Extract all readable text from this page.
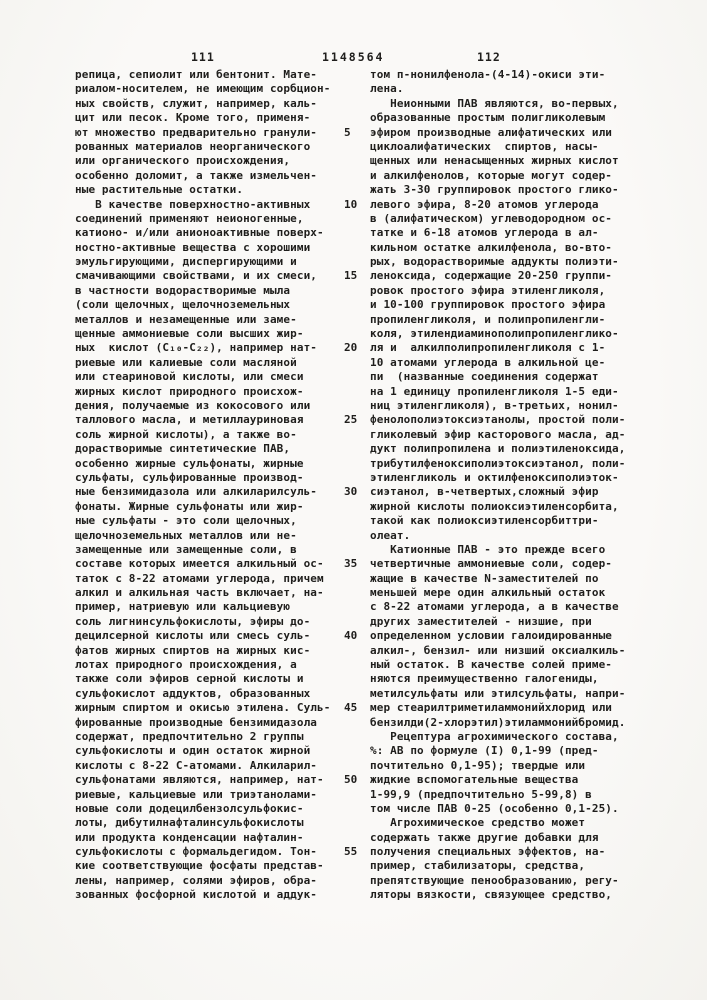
111	1148564	112
репица, сепиолит или бентонит. Мате-
риалом-носителем, не имеющим сорбцион-
ных свойств, служит, например, каль-
цит или песок. Кроме того, применя-
ют множество предварительно гранули-
рованных материалов неорганического
или органического происхождения,
особенно доломит, а также измельчен-
ные растительные остатки.
В качестве поверхностно-активных
соединений применяют неионогенные,
катионо- и/или анионоактивные поверх-
ностно-активные вещества с хорошими
эмульгирующими, диспергирующими и
смачивающими свойствами, и их смеси,
в частности водорастворимые мыла
(соли щелочных, щелочноземельных
металлов и незамещенные или заме-
щенные аммониевые соли высших жир-
ных  кислот (C₁₀-C₂₂), например нат-
риевые или калиевые соли масляной
или стеариновой кислоты, или смеси
жирных кислот природного происхож-
дения, получаемые из кокосового или
таллового масла, и метиллауриновая
соль жирной кислоты), а также во-
дорастворимые синтетические ПАВ,
особенно жирные сульфонаты, жирные
сульфаты, сульфированные производ-
ные бензимидазола или алкиларилсуль-
фонаты. Жирные сульфонаты или жир-
ные сульфаты - это соли щелочных,
щелочноземельных металлов или не-
замещенные или замещенные соли, в
составе которых имеется алкильный ос-
таток с 8-22 атомами углерода, причем
алкил и алкильная часть включает, на-
пример, натриевую или кальциевую
соль лигнинсульфокислоты, эфиры до-
децилсерной кислоты или смесь суль-
фатов жирных спиртов на жирных кис-
лотах природного происхождения, а
также соли эфиров серной кислоты и
сульфокислот аддуктов, образованных
жирным спиртом и окисью этилена. Суль-
фированные производные бензимидазола
содержат, предпочтительно 2 группы
сульфокислоты и один остаток жирной
кислоты с 8-22 С-атомами. Алкиларил-
сульфонатами являются, например, нат-
риевые, кальциевые или триэтанолами-
новые соли додецилбензолсульфокис-
лоты, дибутилнафталинсульфокислоты
или продукта конденсации нафталин-
сульфокислоты с формальдегидом. Тон-
кие соответствующие фосфаты представ-
лены, например, солями эфиров, обра-
зованных фосфорной кислотой и аддук-
5
10
15
20
25
30
35
40
45
50
55
том п-нонилфенола-(4-14)-окиси эти-
лена.
Неионными ПАВ являются, во-первых,
образованные простым полигликолевым
эфиром производные алифатических или
циклоалифатических  спиртов, насы-
щенных или ненасыщенных жирных кислот
и алкилфенолов, которые могут содер-
жать 3-30 группировок простого глико-
левого эфира, 8-20 атомов углерода
в (алифатическом) углеводородном ос-
татке и 6-18 атомов углерода в ал-
кильном остатке алкилфенола, во-вто-
рых, водорастворимые аддукты полиэти-
леноксида, содержащие 20-250 группи-
ровок простого эфира этиленгликоля,
и 10-100 группировок простого эфира
пропиленгликоля, и полипропиленгли-
коля, этилендиаминополипропиленглико-
ля и  алкилполипропиленгликоля с 1-
10 атомами углерода в алкильной це-
пи  (названные соединения содержат
на 1 единицу пропиленгликоля 1-5 еди-
ниц этиленгликоля), в-третьих, нонил-
фенолополиэтоксиэтанолы, простой поли-
гликолевый эфир касторового масла, ад-
дукт полипропилена и полиэтиленоксида,
трибутилфеноксиполиэтоксиэтанол, поли-
этиленгликоль и октилфеноксиполиэток-
сиэтанол, в-четвертых,сложный эфир
жирной кислоты полиоксиэтиленсорбита,
такой как полиоксиэтиленсорбиттри-
олеат.
Катионные ПАВ - это прежде всего
четвертичные аммониевые соли, содер-
жащие в качестве N-заместителей по
меньшей мере один алкильный остаток
с 8-22 атомами углерода, а в качестве
других заместителей - низшие, при
определенном условии галоидированные
алкил-, бензил- или низший оксиалкиль-
ный остаток. В качестве солей приме-
няются преимущественно галогениды,
метилсульфаты или этилсульфаты, напри-
мер стеарилтриметиламмонийхлорид или
бензилди(2-хлорэтил)этиламмонийбромид.
Рецептура агрохимического состава,
%: АВ по формуле (I) 0,1-99 (пред-
почтительно 0,1-95); твердые или
жидкие вспомогательные вещества
1-99,9 (предпочтительно 5-99,8) в
том числе ПАВ 0-25 (особенно 0,1-25).
Агрохимическое средство может
содержать также другие добавки для
получения специальных эффектов, на-
пример, стабилизаторы, средства,
препятствующие пенообразованию, регу-
ляторы вязкости, связующее средство,
